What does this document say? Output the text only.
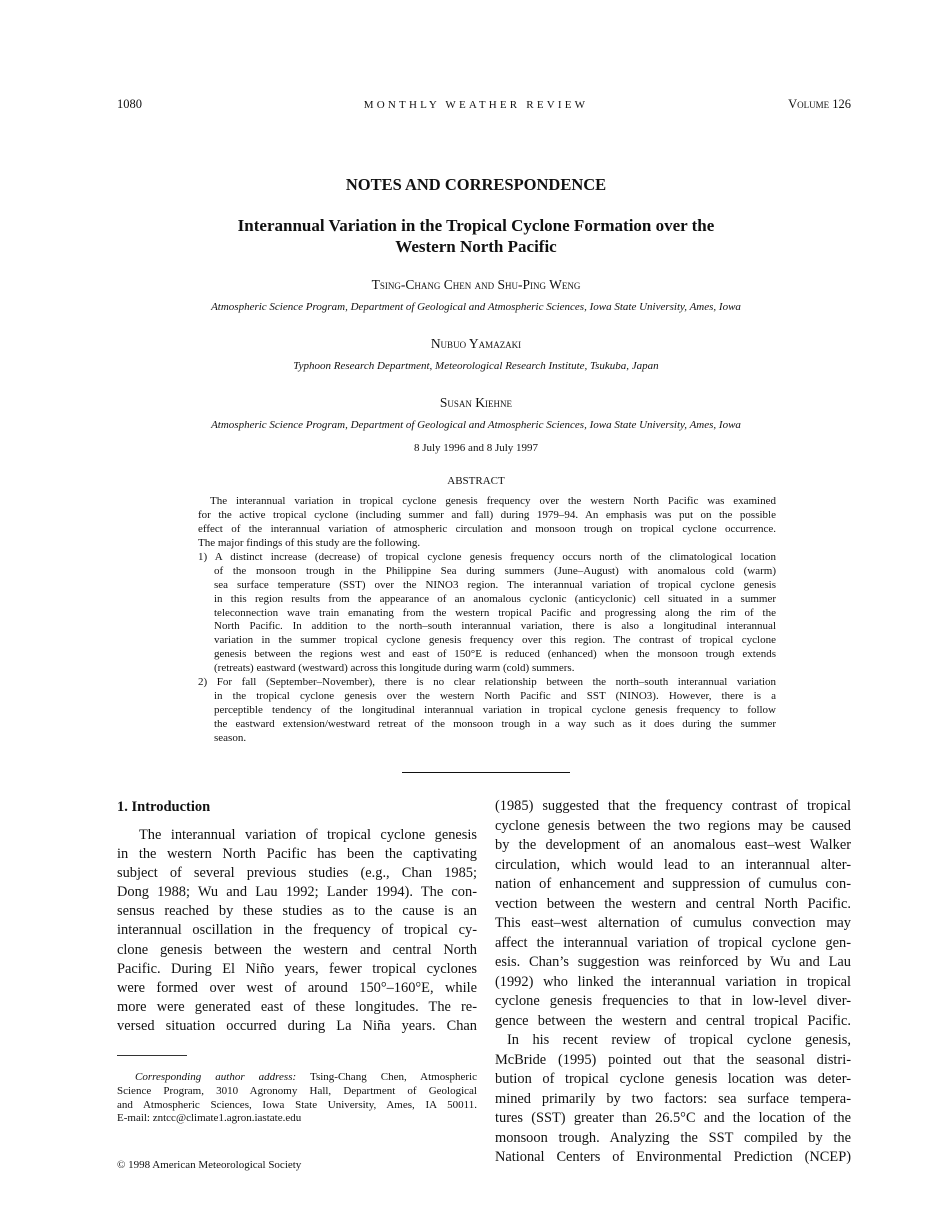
1080	MONTHLY WEATHER REVIEW	Volume 126
NOTES AND CORRESPONDENCE
Interannual Variation in the Tropical Cyclone Formation over the
Western North Pacific
Tsing-Chang Chen and Shu-Ping Weng
Atmospheric Science Program, Department of Geological and Atmospheric Sciences, Iowa State University, Ames, Iowa
Nubuo Yamazaki
Typhoon Research Department, Meteorological Research Institute, Tsukuba, Japan
Susan Kiehne
Atmospheric Science Program, Department of Geological and Atmospheric Sciences, Iowa State University, Ames, Iowa
8 July 1996 and 8 July 1997
ABSTRACT
The interannual variation in tropical cyclone genesis frequency over the western North Pacific was examined
for the active tropical cyclone (including summer and fall) during 1979–94. An emphasis was put on the possible
effect of the interannual variation of atmospheric circulation and monsoon trough on tropical cyclone occurrence.
The major findings of this study are the following.
1) A distinct increase (decrease) of tropical cyclone genesis frequency occurs north of the climatological location
of the monsoon trough in the Philippine Sea during summers (June–August) with anomalous cold (warm)
sea surface temperature (SST) over the NINO3 region. The interannual variation of tropical cyclone genesis
in this region results from the appearance of an anomalous cyclonic (anticyclonic) cell situated in a summer
teleconnection wave train emanating from the western tropical Pacific and progressing along the rim of the
North Pacific. In addition to the north–south interannual variation, there is also a longitudinal interannual
variation in the summer tropical cyclone genesis frequency over this region. The contrast of tropical cyclone
genesis between the regions west and east of 150°E is reduced (enhanced) when the monsoon trough extends
(retreats) eastward (westward) across this longitude during warm (cold) summers.
2) For fall (September–November), there is no clear relationship between the north–south interannual variation
in the tropical cyclone genesis over the western North Pacific and SST (NINO3). However, there is a
perceptible tendency of the longitudinal interannual variation in tropical cyclone genesis frequency to follow
the eastward extension/westward retreat of the monsoon trough in a way such as it does during the summer
season.
1. Introduction
The interannual variation of tropical cyclone genesis
in the western North Pacific has been the captivating
subject of several previous studies (e.g., Chan 1985;
Dong 1988; Wu and Lau 1992; Lander 1994). The con-
sensus reached by these studies as to the cause is an
interannual oscillation in the frequency of tropical cy-
clone genesis between the western and central North
Pacific. During El Niño years, fewer tropical cyclones
were formed over west of around 150°–160°E, while
more were generated east of these longitudes. The re-
versed situation occurred during La Niña years. Chan
(1985) suggested that the frequency contrast of tropical
cyclone genesis between the two regions may be caused
by the development of an anomalous east–west Walker
circulation, which would lead to an interannual alter-
nation of enhancement and suppression of cumulus con-
vection between the western and central North Pacific.
This east–west alternation of cumulus convection may
affect the interannual variation of tropical cyclone gen-
esis. Chan’s suggestion was reinforced by Wu and Lau
(1992) who linked the interannual variation in tropical
cyclone genesis frequencies to that in low-level diver-
gence between the western and central tropical Pacific.
In his recent review of tropical cyclone genesis,
McBride (1995) pointed out that the seasonal distri-
bution of tropical cyclone genesis location was deter-
mined primarily by two factors: sea surface tempera-
tures (SST) greater than 26.5°C and the location of the
monsoon trough. Analyzing the SST compiled by the
National Centers of Environmental Prediction (NCEP)
Corresponding author address: Tsing-Chang Chen, Atmospheric
Science Program, 3010 Agronomy Hall, Department of Geological
and Atmospheric Sciences, Iowa State University, Ames, IA 50011.
E-mail: zntcc@climate1.agron.iastate.edu
© 1998 American Meteorological Society
